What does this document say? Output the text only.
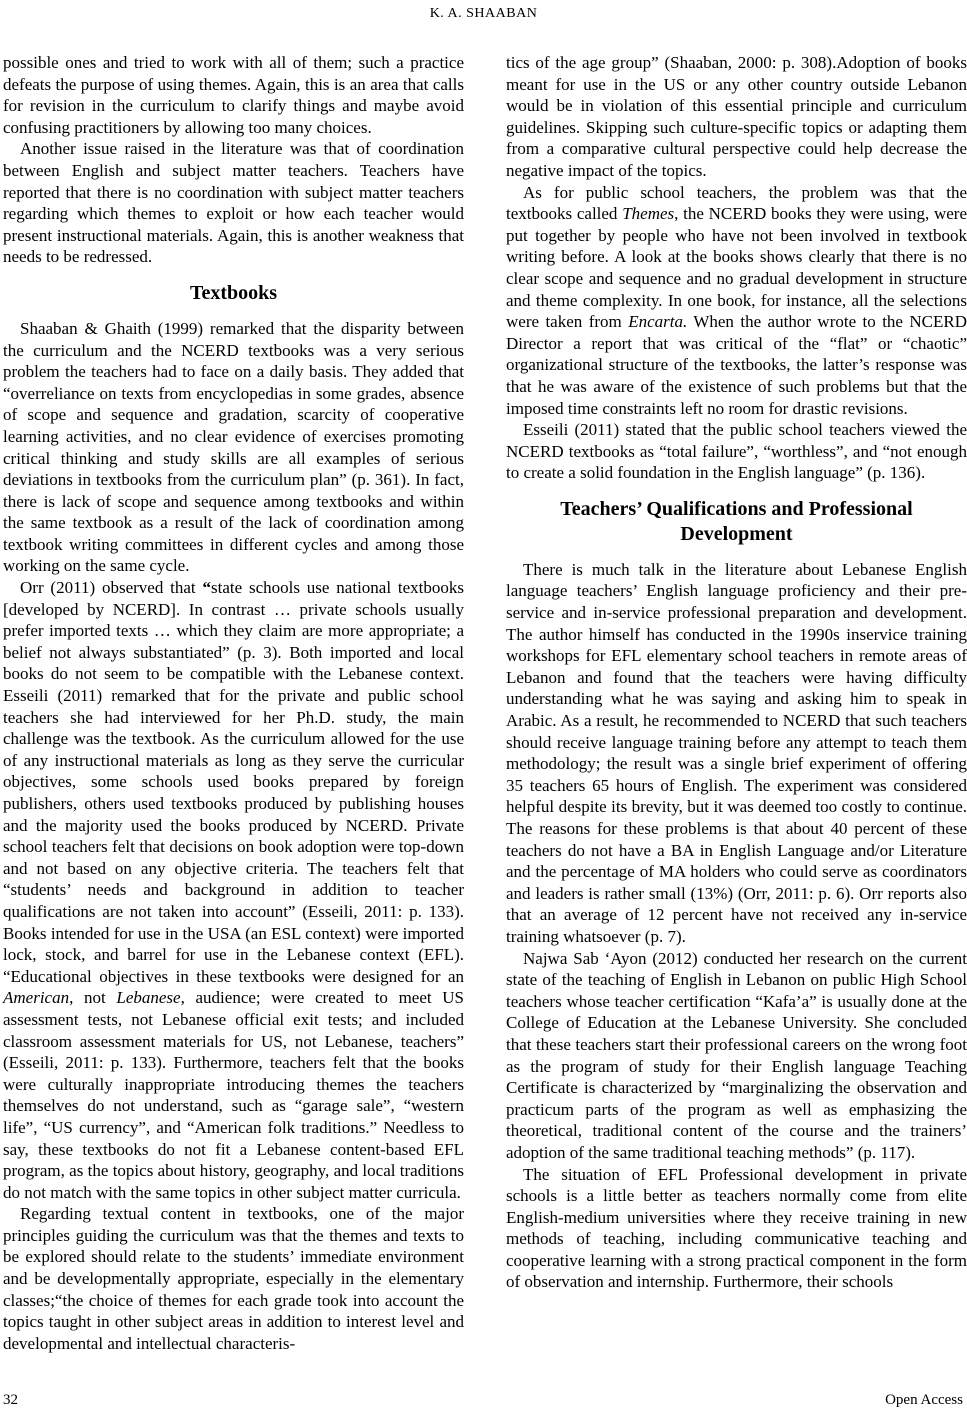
K. A. SHAABAN

possible ones and tried to work with all of them; such a practice defeats the purpose of using themes. Again, this is an area that calls for revision in the curriculum to clarify things and maybe avoid confusing practitioners by allowing too many choices.

Another issue raised in the literature was that of coordination between English and subject matter teachers. Teachers have reported that there is no coordination with subject matter teachers regarding which themes to exploit or how each teacher would present instructional materials. Again, this is another weakness that needs to be redressed.

Textbooks

Shaaban & Ghaith (1999) remarked that the disparity between the curriculum and the NCERD textbooks was a very serious problem the teachers had to face on a daily basis. They added that “overreliance on texts from encyclopedias in some grades, absence of scope and sequence and gradation, scarcity of cooperative learning activities, and no clear evidence of exercises promoting critical thinking and study skills are all examples of serious deviations in textbooks from the curriculum plan” (p. 361). In fact, there is lack of scope and sequence among textbooks and within the same textbook as a result of the lack of coordination among textbook writing committees in different cycles and among those working on the same cycle.

Orr (2011) observed that “state schools use national textbooks [developed by NCERD]. In contrast … private schools usually prefer imported texts … which they claim are more appropriate; a belief not always substantiated” (p. 3). Both imported and local books do not seem to be compatible with the Lebanese context. Esseili (2011) remarked that for the private and public school teachers she had interviewed for her Ph.D. study, the main challenge was the textbook. As the curriculum allowed for the use of any instructional materials as long as they serve the curricular objectives, some schools used books prepared by foreign publishers, others used textbooks produced by publishing houses and the majority used the books produced by NCERD. Private school teachers felt that decisions on book adoption were top-down and not based on any objective criteria. The teachers felt that “students’ needs and background in addition to teacher qualifications are not taken into account” (Esseili, 2011: p. 133). Books intended for use in the USA (an ESL context) were imported lock, stock, and barrel for use in the Lebanese context (EFL). “Educational objectives in these textbooks were designed for an American, not Lebanese, audience; were created to meet US assessment tests, not Lebanese official exit tests; and included classroom assessment materials for US, not Lebanese, teachers” (Esseili, 2011: p. 133). Furthermore, teachers felt that the books were culturally inappropriate introducing themes the teachers themselves do not understand, such as “garage sale”, “western life”, “US currency”, and “American folk traditions.” Needless to say, these textbooks do not fit a Lebanese content-based EFL program, as the topics about history, geography, and local traditions do not match with the same topics in other subject matter curricula.

Regarding textual content in textbooks, one of the major principles guiding the curriculum was that the themes and texts to be explored should relate to the students’ immediate environment and be developmentally appropriate, especially in the elementary classes;“the choice of themes for each grade took into account the topics taught in other subject areas in addition to interest level and developmental and intellectual characteris-

tics of the age group” (Shaaban, 2000: p. 308).Adoption of books meant for use in the US or any other country outside Lebanon would be in violation of this essential principle and curriculum guidelines. Skipping such culture-specific topics or adapting them from a comparative cultural perspective could help decrease the negative impact of the topics.

As for public school teachers, the problem was that the textbooks called Themes, the NCERD books they were using, were put together by people who have not been involved in textbook writing before. A look at the books shows clearly that there is no clear scope and sequence and no gradual development in structure and theme complexity. In one book, for instance, all the selections were taken from Encarta. When the author wrote to the NCERD Director a report that was critical of the “flat” or “chaotic” organizational structure of the textbooks, the latter’s response was that he was aware of the existence of such problems but that the imposed time constraints left no room for drastic revisions.

Esseili (2011) stated that the public school teachers viewed the NCERD textbooks as “total failure”, “worthless”, and “not enough to create a solid foundation in the English language” (p. 136).

Teachers’ Qualifications and Professional Development

There is much talk in the literature about Lebanese English language teachers’ English language proficiency and their pre-service and in-service professional preparation and development. The author himself has conducted in the 1990s inservice training workshops for EFL elementary school teachers in remote areas of Lebanon and found that the teachers were having difficulty understanding what he was saying and asking him to speak in Arabic. As a result, he recommended to NCERD that such teachers should receive language training before any attempt to teach them methodology; the result was a single brief experiment of offering 35 teachers 65 hours of English. The experiment was considered helpful despite its brevity, but it was deemed too costly to continue. The reasons for these problems is that about 40 percent of these teachers do not have a BA in English Language and/or Literature and the percentage of MA holders who could serve as coordinators and leaders is rather small (13%) (Orr, 2011: p. 6). Orr reports also that an average of 12 percent have not received any in-service training whatsoever (p. 7).

Najwa Sab ‘Ayon (2012) conducted her research on the current state of the teaching of English in Lebanon on public High School teachers whose teacher certification “Kafa’a” is usually done at the College of Education at the Lebanese University. She concluded that these teachers start their professional careers on the wrong foot as the program of study for their English language Teaching Certificate is characterized by “marginalizing the observation and practicum parts of the program as well as emphasizing the theoretical, traditional content of the course and the trainers’ adoption of the same traditional teaching methods” (p. 117).

The situation of EFL Professional development in private schools is a little better as teachers normally come from elite English-medium universities where they receive training in new methods of teaching, including communicative teaching and cooperative learning with a strong practical component in the form of observation and internship. Furthermore, their schools

32	Open Access
